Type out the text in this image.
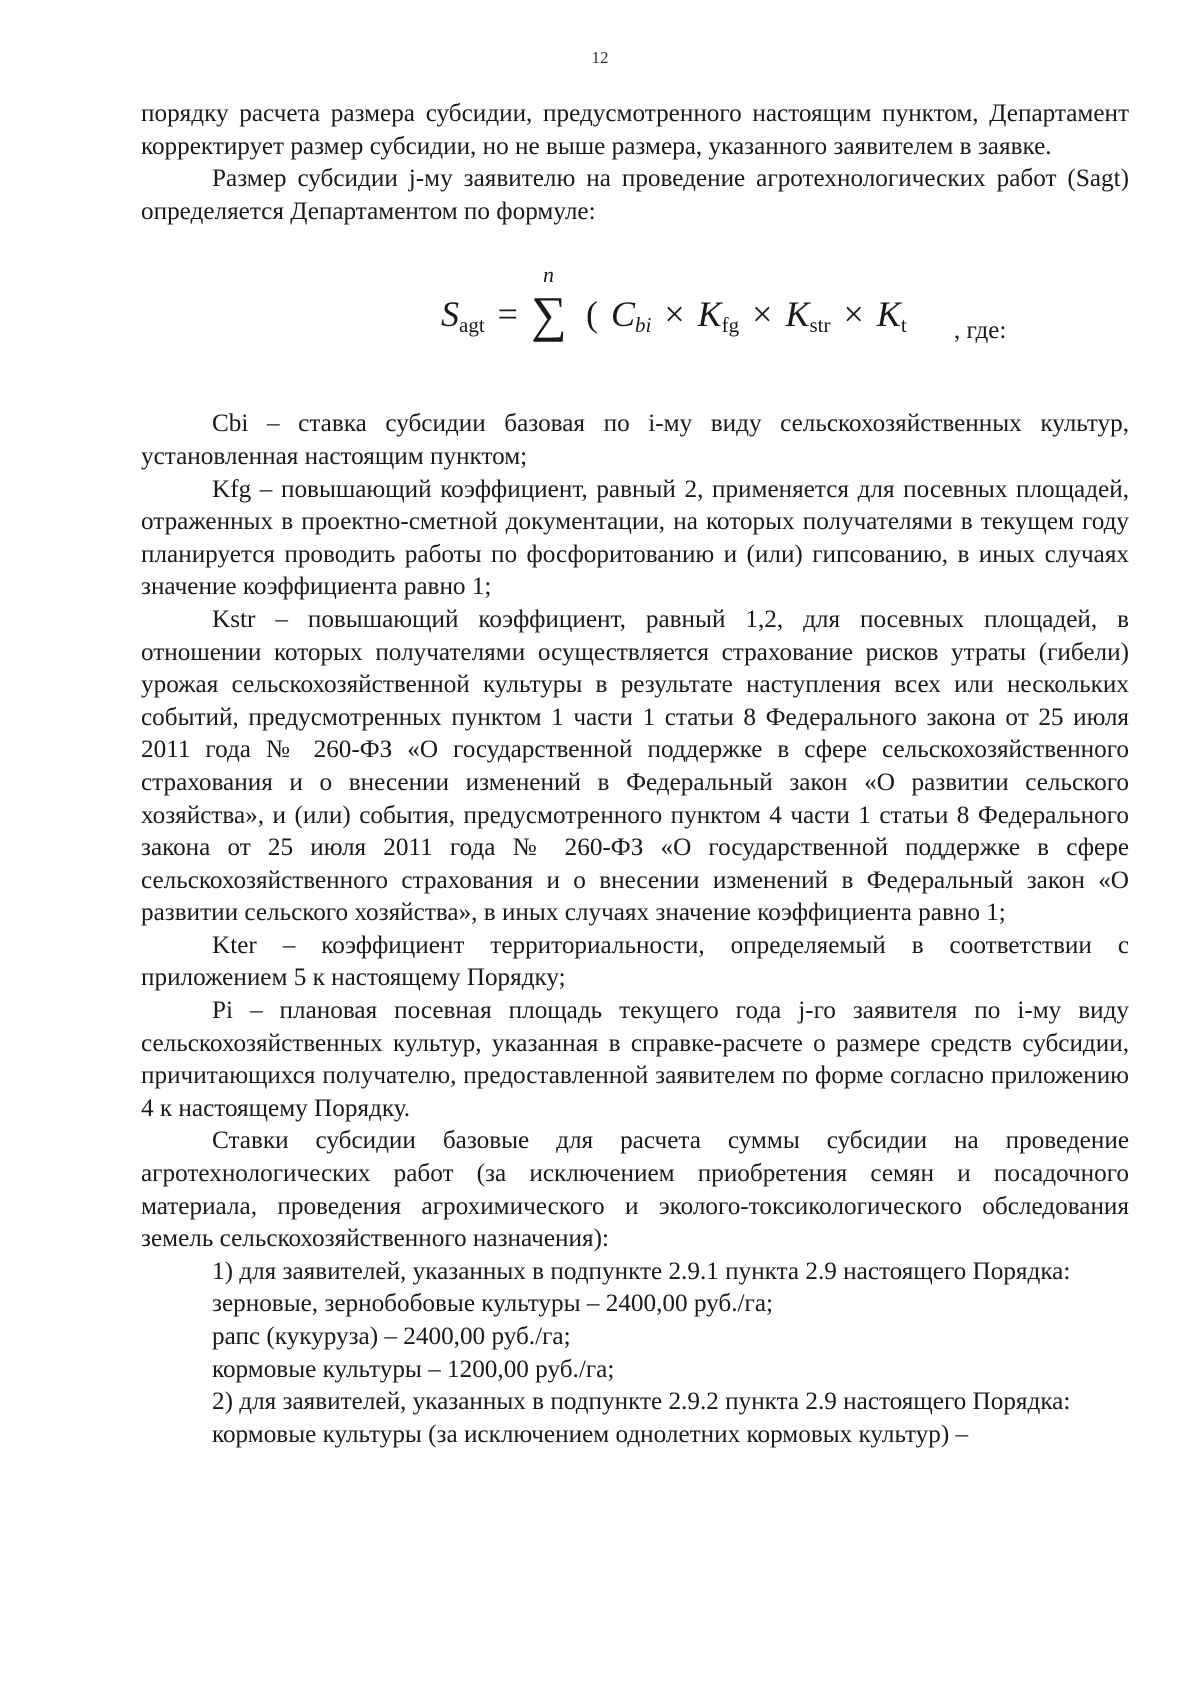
12

порядку расчета размера субсидии, предусмотренного настоящим пунктом, Департамент корректирует размер субсидии, но не выше размера, указанного заявителем в заявке.

Размер субсидии j-му заявителю на проведение агротехнологических работ (Sagt) определяется Департаментом по формуле:

$S_{agt}$ =
n
∑ ( $C_{bi} \times K_{fg} \times K_{str} \times K_t$ , где:

Cbi – ставка субсидии базовая по i-му виду сельскохозяйственных культур, установленная настоящим пунктом;

Kfg – повышающий коэффициент, равный 2, применяется для посевных площадей, отраженных в проектно-сметной документации, на которых получателями в текущем году планируется проводить работы по фосфоритованию и (или) гипсованию, в иных случаях значение коэффициента равно 1;

Kstr – повышающий коэффициент, равный 1,2, для посевных площадей, в отношении которых получателями осуществляется страхование рисков утраты (гибели) урожая сельскохозяйственной культуры в результате наступления всех или нескольких событий, предусмотренных пунктом 1 части 1 статьи 8 Федерального закона от 25 июля 2011 года № 260-ФЗ «О государственной поддержке в сфере сельскохозяйственного страхования и о внесении изменений в Федеральный закон «О развитии сельского хозяйства», и (или) события, предусмотренного пунктом 4 части 1 статьи 8 Федерального закона от 25 июля 2011 года № 260-ФЗ «О государственной поддержке в сфере сельскохозяйственного страхования и о внесении изменений в Федеральный закон «О развитии сельского хозяйства», в иных случаях значение коэффициента равно 1;

Kter – коэффициент территориальности, определяемый в соответствии с приложением 5 к настоящему Порядку;

Pi – плановая посевная площадь текущего года j-го заявителя по i-му виду сельскохозяйственных культур, указанная в справке-расчете о размере средств субсидии, причитающихся получателю, предоставленной заявителем по форме согласно приложению 4 к настоящему Порядку.

Ставки субсидии базовые для расчета суммы субсидии на проведение агротехнологических работ (за исключением приобретения семян и посадочного материала, проведения агрохимического и эколого-токсикологического обследования земель сельскохозяйственного назначения):

1) для заявителей, указанных в подпункте 2.9.1 пункта 2.9 настоящего Порядка:

зерновые, зернобобовые культуры – 2400,00 руб./га;

рапс (кукуруза) – 2400,00 руб./га;

кормовые культуры – 1200,00 руб./га;

2) для заявителей, указанных в подпункте 2.9.2 пункта 2.9 настоящего Порядка:

кормовые культуры (за исключением однолетних кормовых культур) –
